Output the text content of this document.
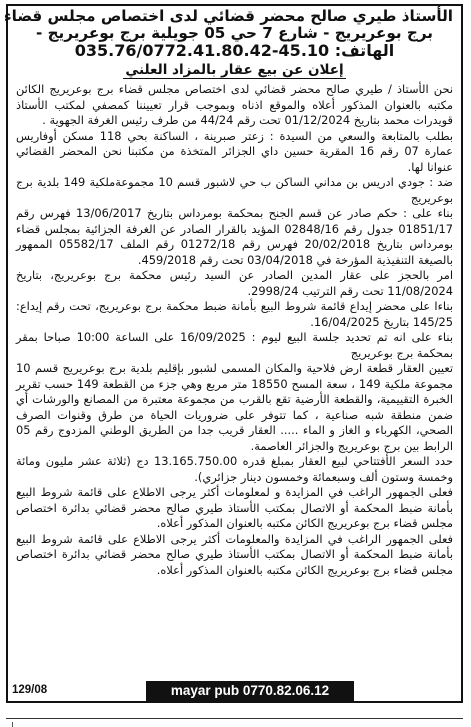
الأستاذ طيري صالح محضر قضائي لدى اختصاص مجلس قضاء
برج بوعريريج - شارع 7 حي 05 جويلية برج بوعريريج -
الهاتف: 45.10-035.76/0772.41.80.42
إعلان عن بيع عقار بالمزاد العلني

نحن الأستاذ / طيري صالح محضر قضائي لدى اختصاص مجلس قضاء برج بوعريريج الكائن مكتبه بالعنوان المذكور أعلاه والموقع اذناه وبموجب قرار تعييننا كمصفي لمكتب الأستاذ قويدرات محمد بتاريخ 01/12/2024 تحت رقم 44/24 من طرف رئيس الغرفة الجهوية .

بطلب بالمتابعة والسعي من السيدة : زعتر صبرينة ، الساكنة بحي 118 مسكن أوفاريس عمارة 07 رقم 16 المقرية حسين داي الجزائر المتخذة من مكتبنا نحن المحضر القضائي عنوانا لها.

ضد : جودي ادريس بن مداني الساكن ب حي لاشبور قسم 10 مجموعةملكية 149 بلدية برج بوعريريج

بناء على : حكم صادر عن قسم الجنح بمحكمة بومرداس بتاريخ 13/06/2017 فهرس رقم 01851/17 جدول رقم 02848/16 المؤيد بالقرار الصادر عن الغرفة الجزائية بمجلس قضاء بومرداس بتاريخ 20/02/2018 فهرس رقم 01272/18 رقم الملف 05582/17 الممهور بالصيغة التنفيذية المؤرخة في 03/04/2018 تحت رقم 459/2018.

امر بالحجز على عقار المدين الصادر عن السيد رئيس محكمة برج بوعريريج، بتاريخ 11/08/2024 تحت رقم الترتيب 2998/24.

بناءا على محضر إيداع قائمة شروط البيع بأمانة ضبط محكمة برج بوعريريج، تحت رقم إيداع: 145/25 بتاريخ 16/04/2025.

بناء على انه تم تحديد جلسة البيع ليوم : 16/09/2025 على الساعة 10:00 صباحا بمقر بمحكمة برج بوعريريج

تعيين العقار قطعة ارض فلاحية والمكان المسمى لشبور بإقليم بلدية برج بوعريريج قسم 10 مجموعة ملكية 149 ، سعة المسح 18550 متر مربع وهي جزء من القطعة 149 حسب تقرير الخبرة التقييمية، والقطعة الأرضية تقع بالقرب من مجموعة معتبرة من المصانع والورشات أي ضمن منطقة شبه صناعية ، كما تتوفر على ضروريات الحياة من طرق وقنوات الصرف الصحي، الكهرباء و الغاز و الماء ..... العقار قريب جدا من الطريق الوطني المزدوج رقم 05 الرابط بين برج بوعريريج والجزائر العاصمة.

حدد السعر الأفتتاحي لبيع العقار بمبلغ قدره 13.165.750.00 دج (ثلاثة عشر مليون ومائة وخمسة وستون ألف وسبعمائة وخمسون دينار جزائري).

فعلى الجمهور الراغب في المزايدة و لمعلومات أكثر يرجى الاطلاع على قائمة شروط البيع بأمانة ضبط المحكمة أو الاتصال بمكتب الأستاذ طيري صالح محضر قضائي بدائرة اختصاص مجلس قضاء برج بوعريريج الكائن مكتبه بالعنوان المذكور أعلاه.

فعلى الجمهور الراغب في المزايدة والمعلومات أكثر يرجى الاطلاع على قائمة شروط البيع بأمانة ضبط المحكمة أو الاتصال بمكتب الأستاذ طيري صالح محضر قضائي بدائرة اختصاص مجلس قضاء برج بوعريريج الكائن مكتبه بالعنوان المذكور أعلاه.

129/08	mayar pub 0770.82.06.12
